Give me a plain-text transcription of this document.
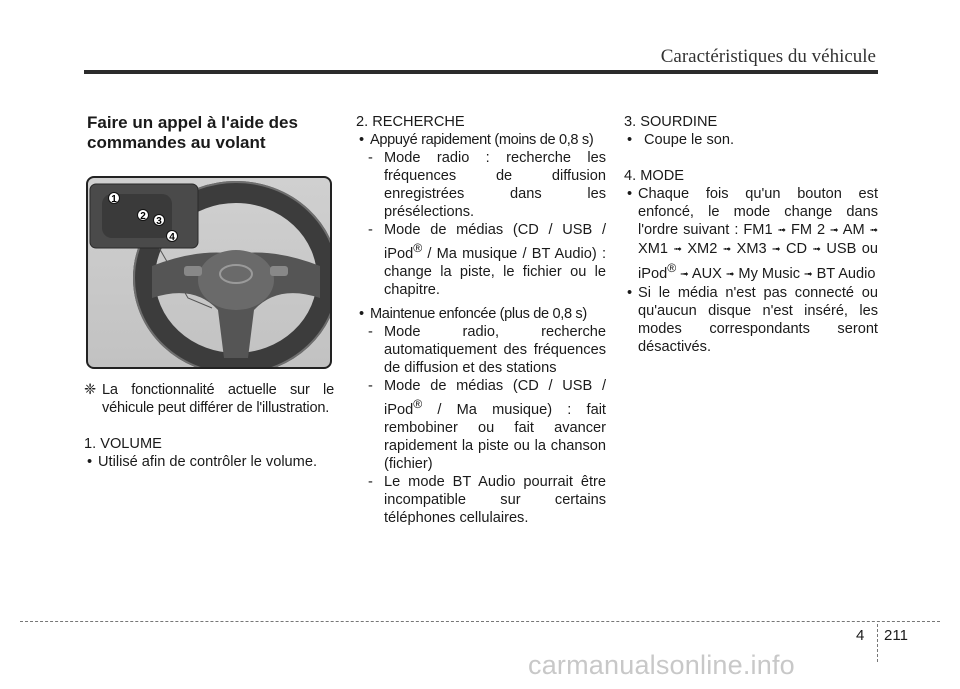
Caractéristiques du véhicule
Faire un appel à l'aide des
commandes au volant
1
2 3
4

❈ La fonctionnalité actuelle sur le véhicule peut différer de l'illustration.

1. VOLUME

• Utilisé afin de contrôler le volume.

2. RECHERCHE

• Appuyé rapidement (moins de 0,8 s)

- Mode radio : recherche les fréquences de diffusion enregistrées dans les présélections.

- Mode de médias (CD / USB / iPod® / Ma musique / BT Audio) : change la piste, le fichier ou le chapitre.

• Maintenue enfoncée (plus de 0,8 s)

- Mode radio, recherche automatiquement des fréquences de diffusion et des stations

- Mode de médias (CD / USB / iPod® / Ma musique) : fait rembobiner ou fait avancer rapidement la piste ou la chanson (fichier)

- Le mode BT Audio pourrait être incompatible sur certains téléphones cellulaires.

3. SOURDINE

• Coupe le son.

4. MODE

• Chaque fois qu'un bouton est enfoncé, le mode change dans l'ordre suivant : FM1 ➟ FM 2 ➟ AM ➟ XM1 ➟ XM2 ➟ XM3 ➟ CD ➟ USB ou iPod® ➟ AUX ➟ My Music ➟ BT Audio

• Si le média n'est pas connecté ou qu'aucun disque n'est inséré, les modes correspondants seront désactivés.

4 211
carmanualsonline.info
